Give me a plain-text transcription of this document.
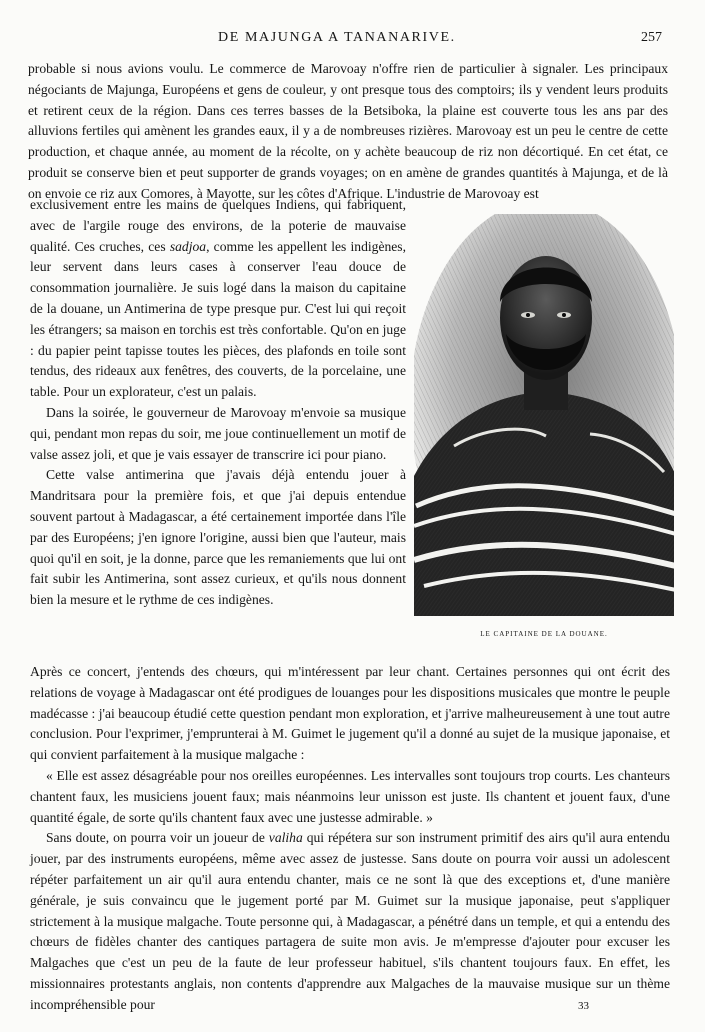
DE MAJUNGA A TANANARIVE.	257

probable si nous avions voulu. Le commerce de Marovoay n'offre rien de particulier à signaler. Les principaux négociants de Majunga, Européens et gens de couleur, y ont presque tous des comptoirs; ils y vendent leurs produits et retirent ceux de la région. Dans ces terres basses de la Betsiboka, la plaine est couverte tous les ans par des alluvions fertiles qui amènent les grandes eaux, il y a de nombreuses rizières. Marovoay est un peu le centre de cette production, et chaque année, au moment de la récolte, on y achète beaucoup de riz non décortiqué. En cet état, ce produit se conserve bien et peut supporter de grands voyages; on en amène de grandes quantités à Majunga, et de là on envoie ce riz aux Comores, à Mayotte, sur les côtes d'Afrique. L'industrie de Marovoay est

exclusivement entre les mains de quelques Indiens, qui fabriquent, avec de l'argile rouge des environs, de la poterie de mauvaise qualité. Ces cruches, ces sadjoa, comme les appellent les indigènes, leur servent dans leurs cases à conserver l'eau douce de consommation journalière. Je suis logé dans la maison du capitaine de la douane, un Antimerina de type presque pur. C'est lui qui reçoit les étrangers; sa maison en torchis est très confortable. Qu'on en juge : du papier peint tapisse toutes les pièces, des plafonds en toile sont tendus, des rideaux aux fenêtres, des couverts, de la porcelaine, une table. Pour un explorateur, c'est un palais.

Dans la soirée, le gouverneur de Marovoay m'envoie sa musique qui, pendant mon repas du soir, me joue continuellement un motif de valse assez joli, et que je vais essayer de transcrire ici pour piano.

Cette valse antimerina que j'avais déjà entendu jouer à Mandritsara pour la première fois, et que j'ai depuis entendue souvent partout à Madagascar, a été certainement importée dans l'île par des Européens; j'en ignore l'origine, aussi bien que l'auteur, mais quoi qu'il en soit, je la donne, parce que les remaniements que lui ont fait subir les Antimerina, sont assez curieux, et qu'ils nous donnent bien la mesure et le rythme de ces indigènes.

LE CAPITAINE DE LA DOUANE.

Après ce concert, j'entends des chœurs, qui m'intéressent par leur chant. Certaines personnes qui ont écrit des relations de voyage à Madagascar ont été prodigues de louanges pour les dispositions musicales que montre le peuple madécasse : j'ai beaucoup étudié cette question pendant mon exploration, et j'arrive malheureusement à une tout autre conclusion. Pour l'exprimer, j'emprunterai à M. Guimet le jugement qu'il a donné au sujet de la musique japonaise, et qui convient parfaitement à la musique malgache :

« Elle est assez désagréable pour nos oreilles européennes. Les intervalles sont toujours trop courts. Les chanteurs chantent faux, les musiciens jouent faux; mais néanmoins leur unisson est juste. Ils chantent et jouent faux, d'une quantité égale, de sorte qu'ils chantent faux avec une justesse admirable. »

Sans doute, on pourra voir un joueur de valiha qui répétera sur son instrument primitif des airs qu'il aura entendu jouer, par des instruments européens, même avec assez de justesse. Sans doute on pourra voir aussi un adolescent répéter parfaitement un air qu'il aura entendu chanter, mais ce ne sont là que des exceptions et, d'une manière générale, je suis convaincu que le jugement porté par M. Guimet sur la musique japonaise, peut s'appliquer strictement à la musique malgache. Toute personne qui, à Madagascar, a pénétré dans un temple, et qui a entendu des chœurs de fidèles chanter des cantiques partagera de suite mon avis. Je m'empresse d'ajouter pour excuser les Malgaches que c'est un peu de la faute de leur professeur habituel, s'ils chantent toujours faux. En effet, les missionnaires protestants anglais, non contents d'apprendre aux Malgaches de la mauvaise musique sur un thème incompréhensible pour	33
